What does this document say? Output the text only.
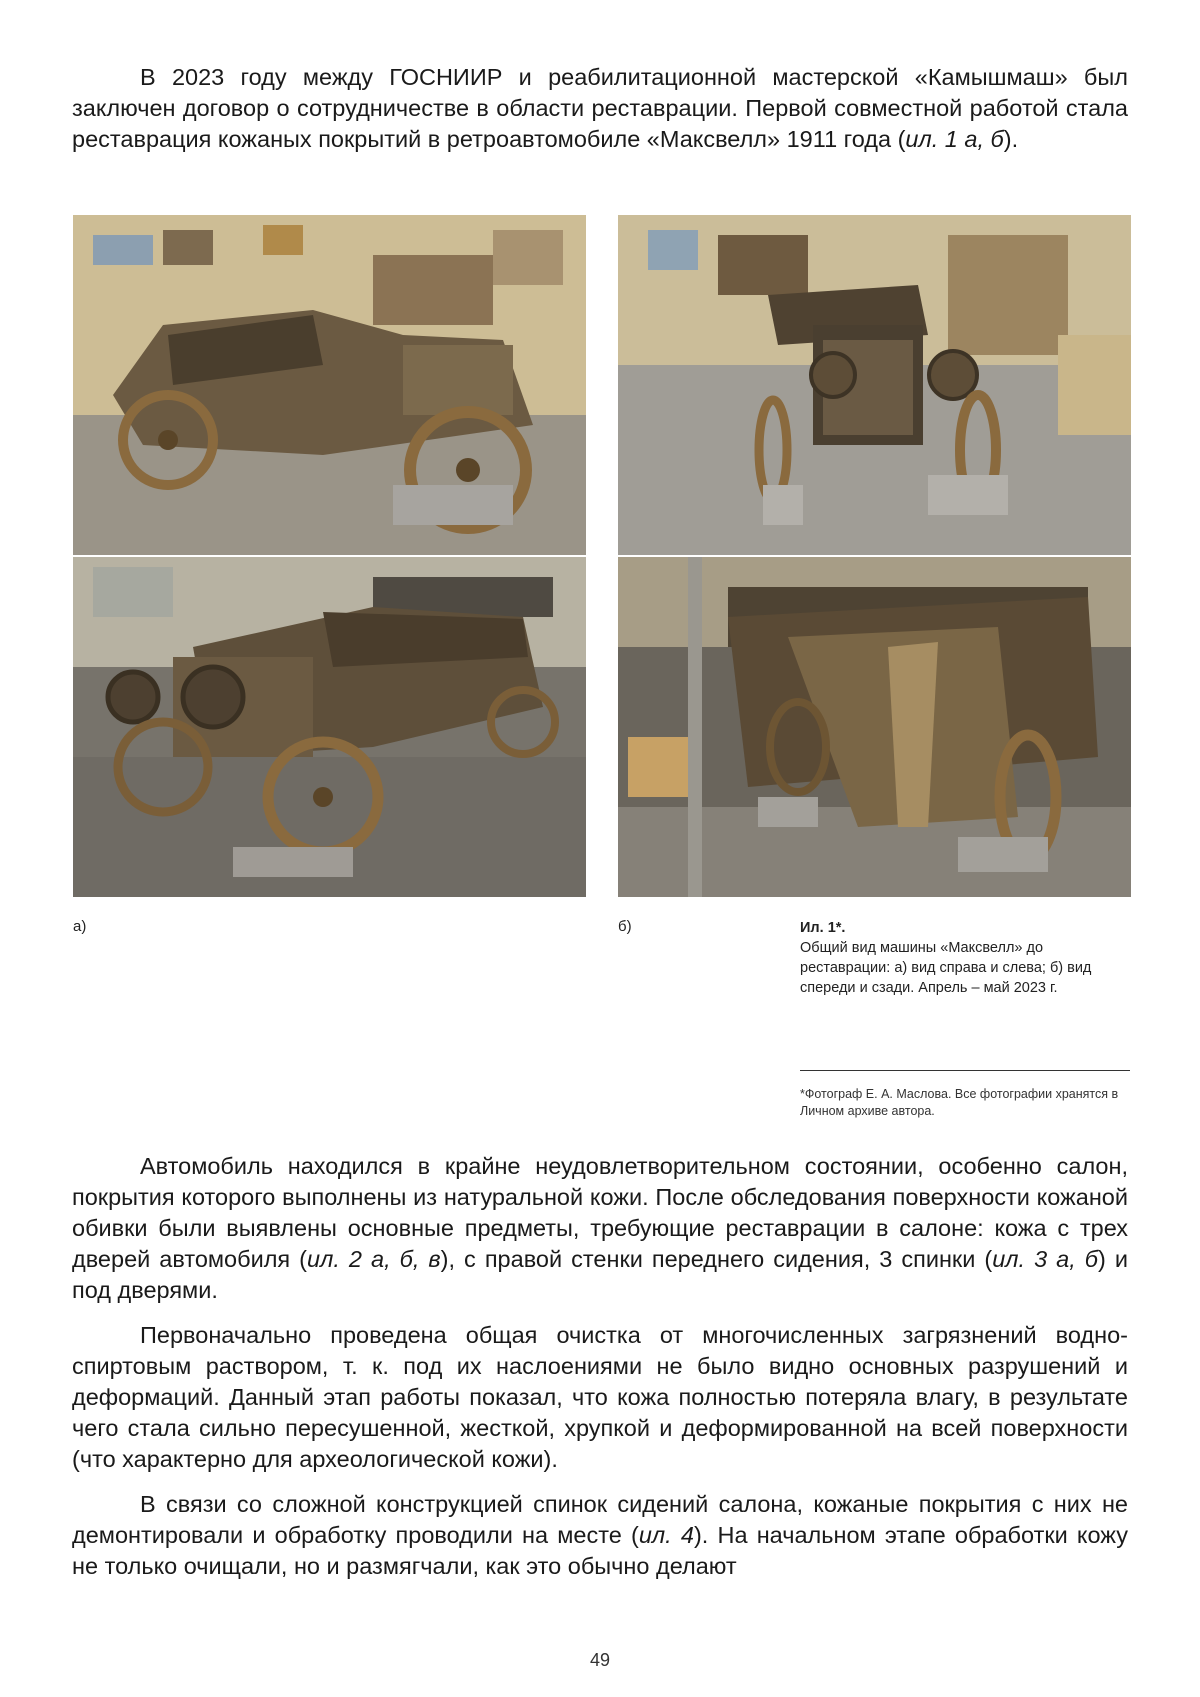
В 2023 году между ГОСНИИР и реабилитационной мастерской «Камышмаш» был заключен договор о сотрудничестве в области реставрации. Первой совместной работой стала реставрация кожаных покрытий в ретроавтомобиле «Максвелл» 1911 года (ил. 1 а, б).

а)	б)	Ил. 1*.
Общий вид машины «Максвелл» до реставрации: а) вид справа и слева; б) вид спереди и сзади. Апрель – май 2023 г.
*Фотограф Е. А. Маслова. Все фотографии хранятся в Личном архиве автора.

Автомобиль находился в крайне неудовлетворительном состоянии, особенно салон, покрытия которого выполнены из натуральной кожи. После обследования поверхности кожаной обивки были выявлены основные предметы, требующие реставрации в салоне: кожа с трех дверей автомобиля (ил. 2 а, б, в), с правой стенки переднего сидения, 3 спинки (ил. 3 а, б) и под дверями.

Первоначально проведена общая очистка от многочисленных загрязнений водно-спиртовым раствором, т. к. под их наслоениями не было видно основных разрушений и деформаций. Данный этап работы показал, что кожа полностью потеряла влагу, в результате чего стала сильно пересушенной, жесткой, хрупкой и деформированной на всей поверхности (что характерно для археологической кожи).

В связи со сложной конструкцией спинок сидений салона, кожаные покрытия с них не демонтировали и обработку проводили на месте (ил. 4). На начальном этапе обработки кожу не только очищали, но и размягчали, как это обычно делают

49
